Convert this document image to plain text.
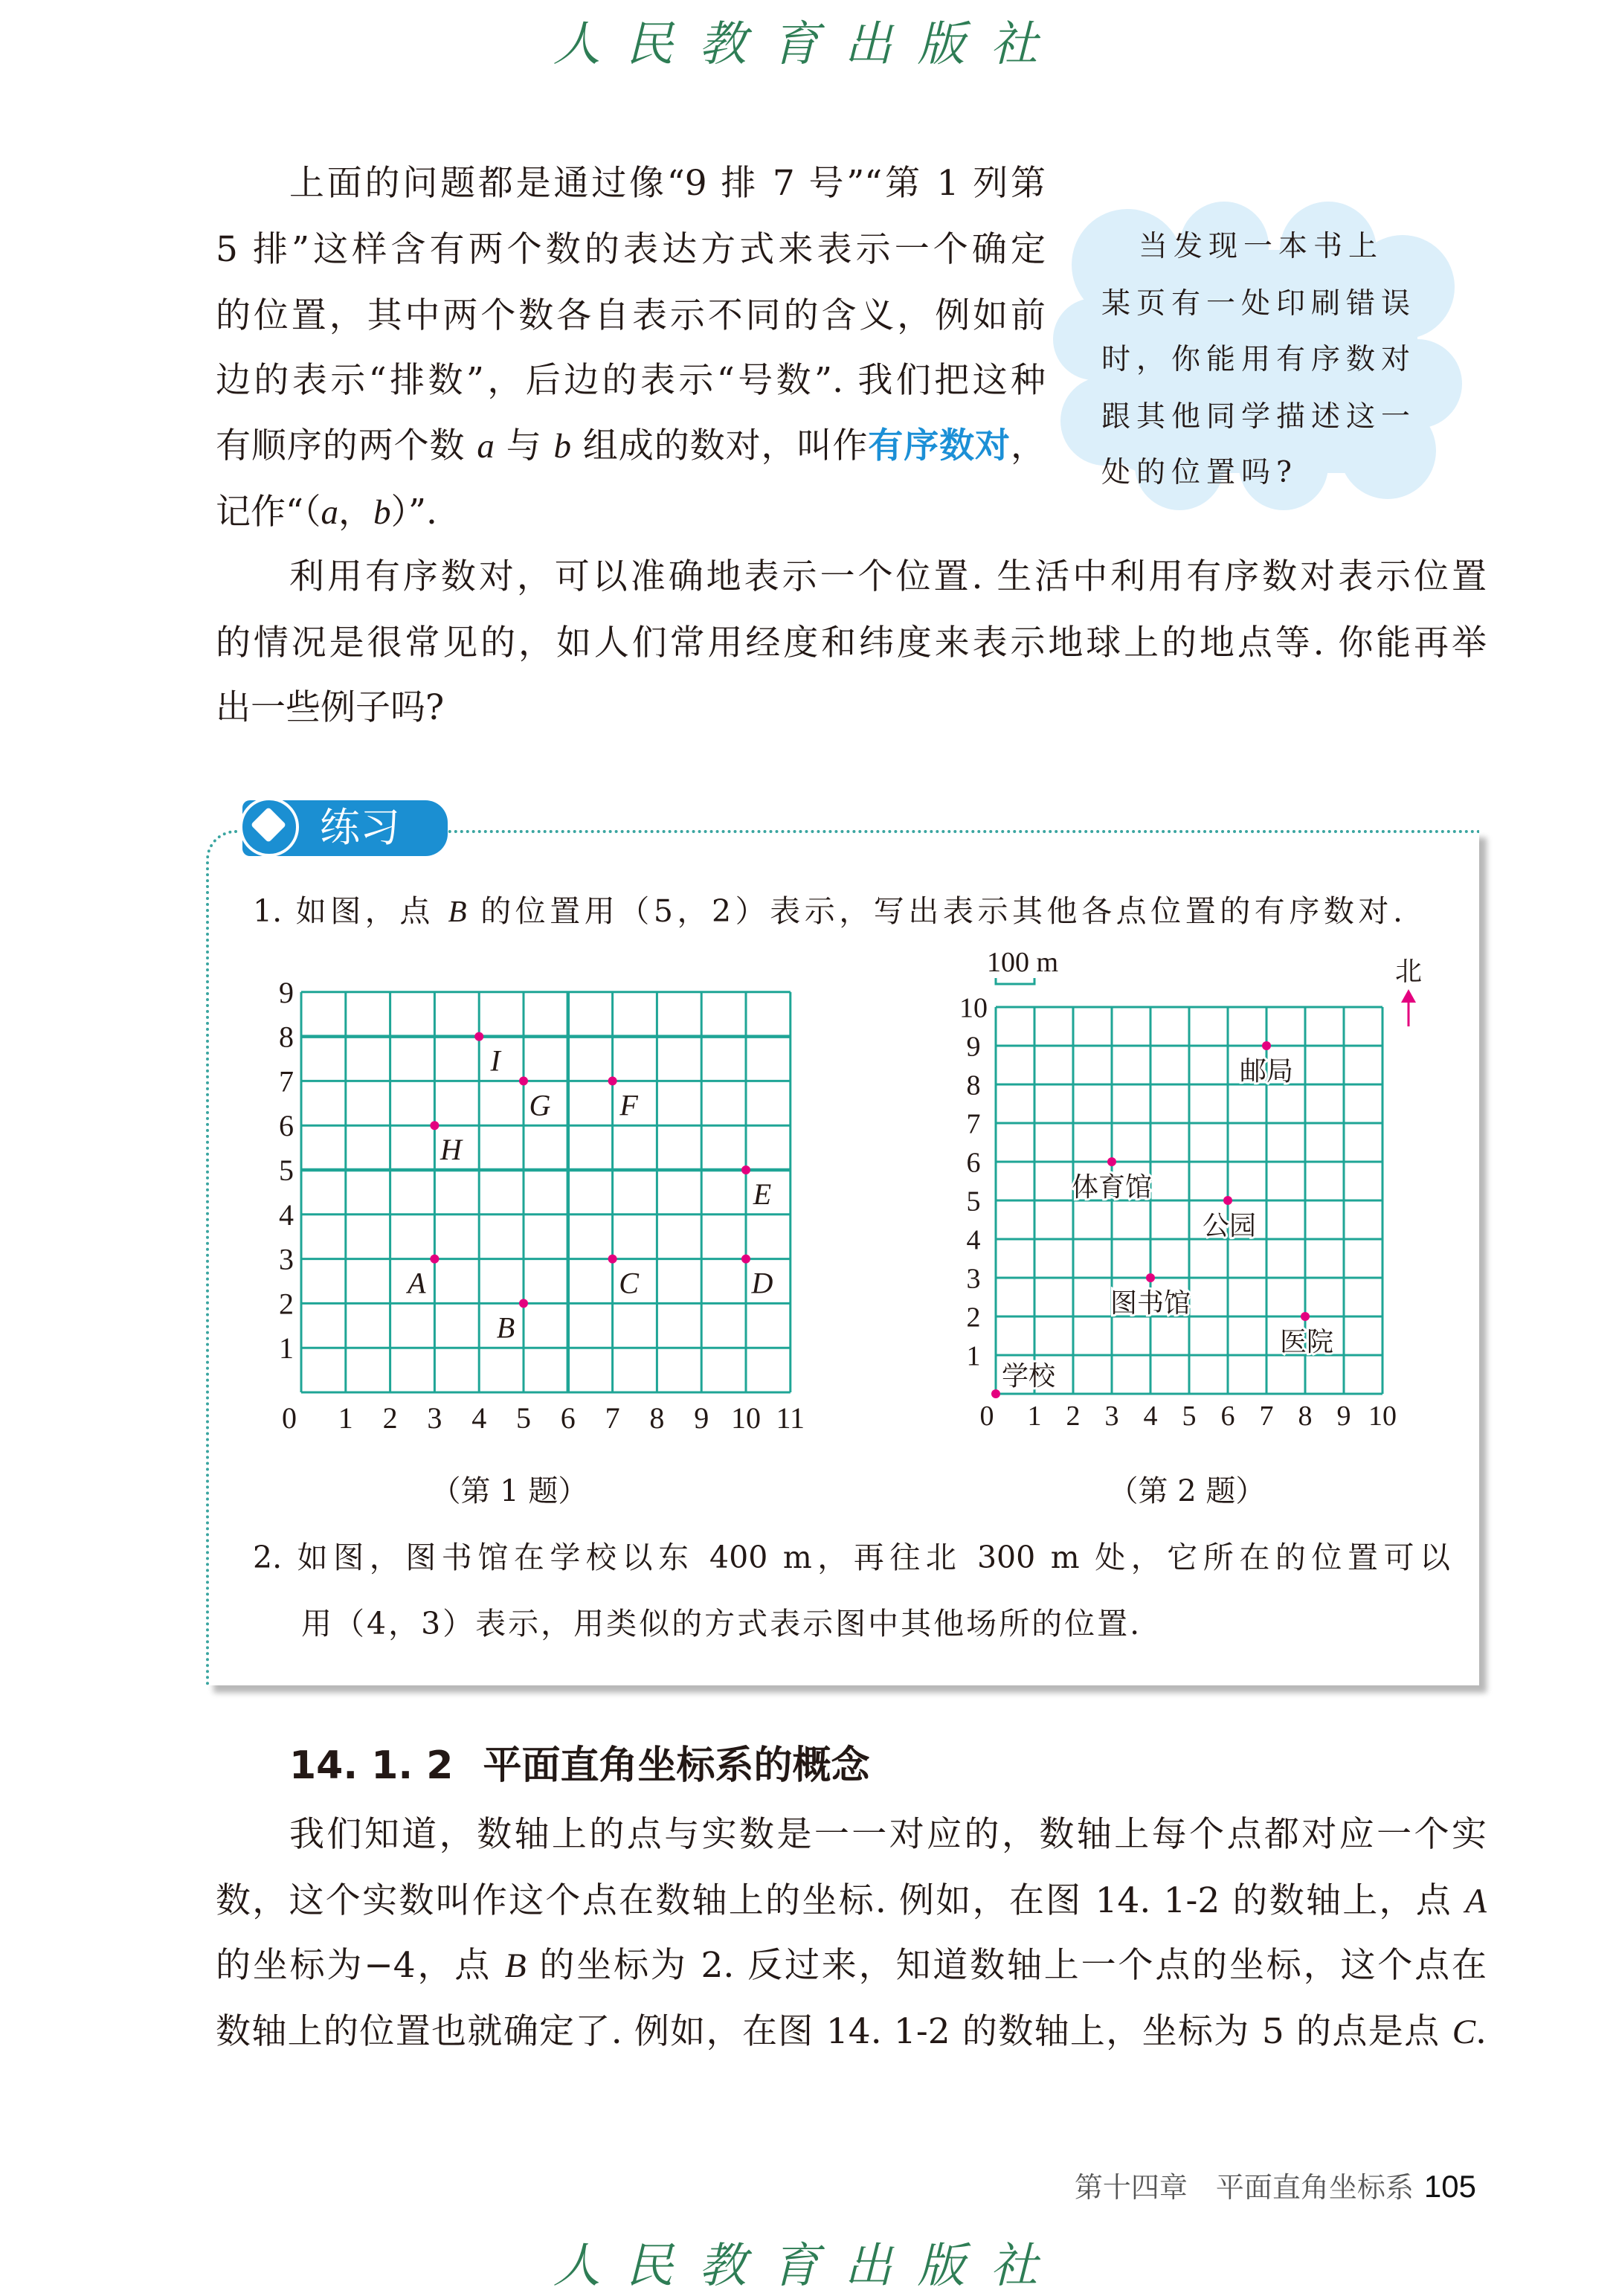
人民教育出版社
上面的问题都是通过像“9 排 7 号”“第 1 列第
5 排”这样含有两个数的表达方式来表示一个确定
的位置，其中两个数各自表示不同的含义，例如前
边的表示“排数”，后边的表示“号数”. 我们把这种
有顺序的两个数 a 与 b 组成的数对，叫作有序数对，
记作“（a，b）”.
当发现一本书上
某页有一处印刷错误
时，你能用有序数对
跟其他同学描述这一
处的位置吗?
利用有序数对，可以准确地表示一个位置. 生活中利用有序数对表示位置
的情况是很常见的，如人们常用经度和纬度来表示地球上的地点等. 你能再举
出一些例子吗?
练习
1. 如图，点 B 的位置用（5，2）表示，写出表示其他各点位置的有序数对.
0 1 2 3 4 5 6 7 8 9 10 11
1
2
3
4
5
6
7
8
9
A
B
C	D
E
F
G
H
I
0 1 2 3 4 5 6 7 8 9 10
1
2
3
4
5
6
7
8
9
10
100 m	北
学校
图书馆
体育馆
公园
邮局
医院
（第 1 题）	（第 2 题）
2. 如图，图书馆在学校以东 400 m，再往北 300 m 处，它所在的位置可以
用（4，3）表示，用类似的方式表示图中其他场所的位置.
14. 1. 2 平面直角坐标系的概念
我们知道，数轴上的点与实数是一一对应的，数轴上每个点都对应一个实
数，这个实数叫作这个点在数轴上的坐标. 例如，在图 14. 1-2 的数轴上，点 A
的坐标为−4，点 B 的坐标为 2. 反过来，知道数轴上一个点的坐标，这个点在
数轴上的位置也就确定了. 例如，在图 14. 1-2 的数轴上，坐标为 5 的点是点 C.
第十四章　平面直角坐标系 105
人民教育出版社
